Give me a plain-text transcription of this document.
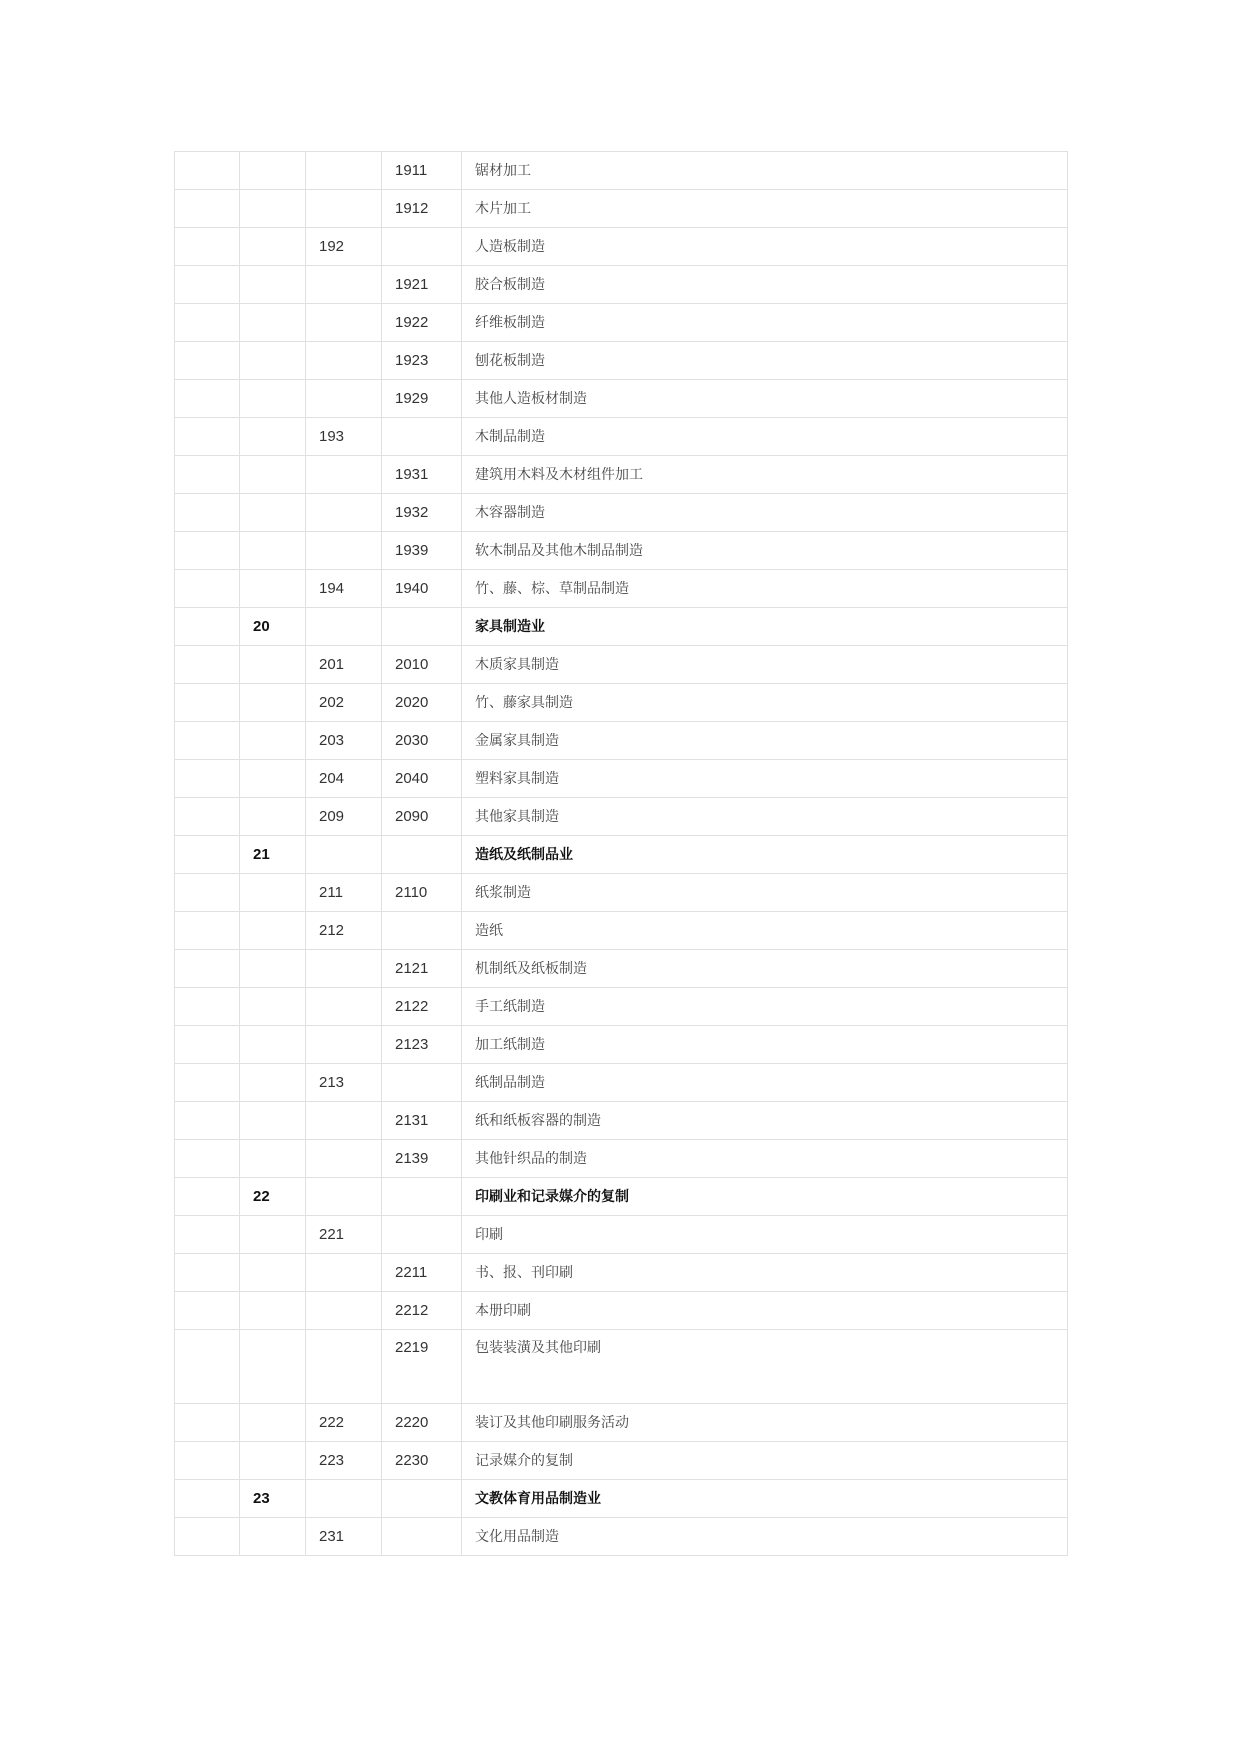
			1911	锯材加工
			1912	木片加工
		192		人造板制造
			1921	胶合板制造
			1922	纤维板制造
			1923	刨花板制造
			1929	其他人造板材制造
		193		木制品制造
			1931	建筑用木料及木材组件加工
			1932	木容器制造
			1939	软木制品及其他木制品制造
		194	1940	竹、藤、棕、草制品制造
	20			家具制造业
		201	2010	木质家具制造
		202	2020	竹、藤家具制造
		203	2030	金属家具制造
		204	2040	塑料家具制造
		209	2090	其他家具制造
	21			造纸及纸制品业
		211	2110	纸浆制造
		212		造纸
			2121	机制纸及纸板制造
			2122	手工纸制造
			2123	加工纸制造
		213		纸制品制造
			2131	纸和纸板容器的制造
			2139	其他针织品的制造
	22			印刷业和记录媒介的复制
		221		印刷
			2211	书、报、刊印刷
			2212	本册印刷
			2219	包装装潢及其他印刷
		222	2220	装订及其他印刷服务活动
		223	2230	记录媒介的复制
	23			文教体育用品制造业
		231		文化用品制造
